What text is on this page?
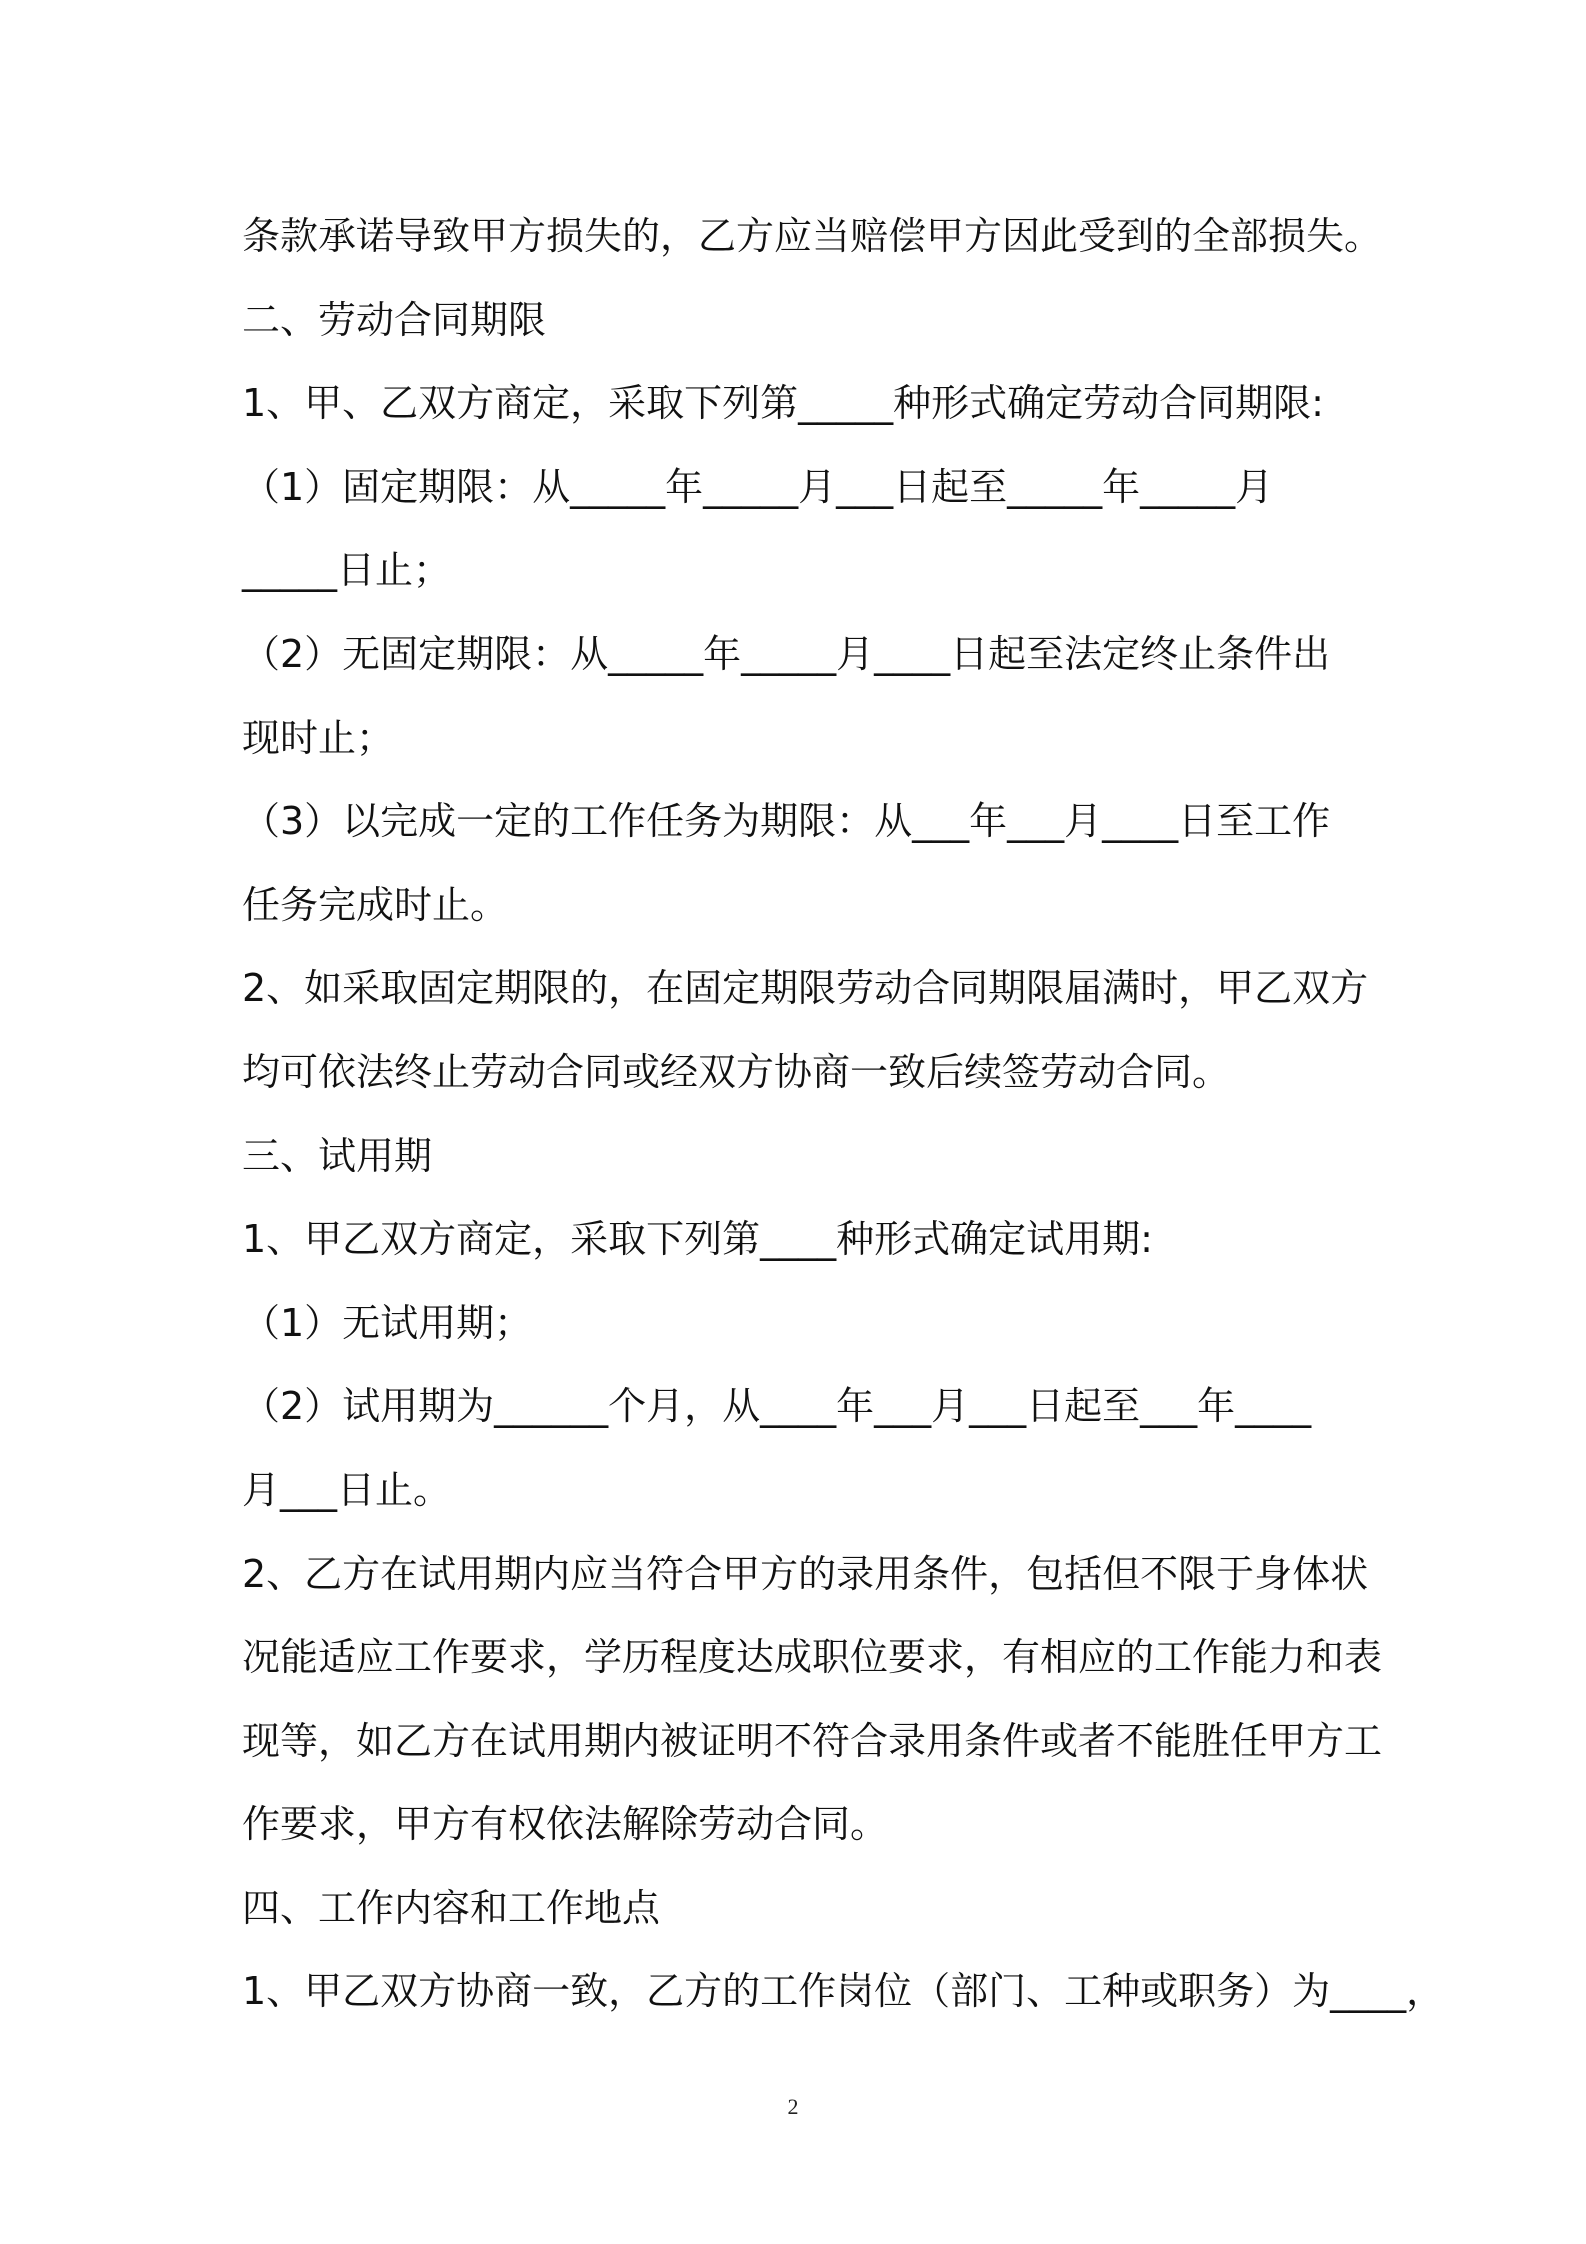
条款承诺导致甲方损失的，乙方应当赔偿甲方因此受到的全部损失。
二、劳动合同期限
1、甲、乙双方商定，采取下列第_____种形式确定劳动合同期限:
（1）固定期限：从_____年_____月___日起至_____年_____月
_____日止；
（2）无固定期限：从_____年_____月____日起至法定终止条件出
现时止；
（3）以完成一定的工作任务为期限：从___年___月____日至工作
任务完成时止。
2、如采取固定期限的，在固定期限劳动合同期限届满时，甲乙双方
均可依法终止劳动合同或经双方协商一致后续签劳动合同。
三、试用期
1、甲乙双方商定，采取下列第____种形式确定试用期:
（1）无试用期；
（2）试用期为______个月，从____年___月___日起至___年____
月___日止。
2、乙方在试用期内应当符合甲方的录用条件，包括但不限于身体状
况能适应工作要求，学历程度达成职位要求，有相应的工作能力和表
现等，如乙方在试用期内被证明不符合录用条件或者不能胜任甲方工
作要求，甲方有权依法解除劳动合同。
四、工作内容和工作地点
1、甲乙双方协商一致，乙方的工作岗位（部门、工种或职务）为____，
2
